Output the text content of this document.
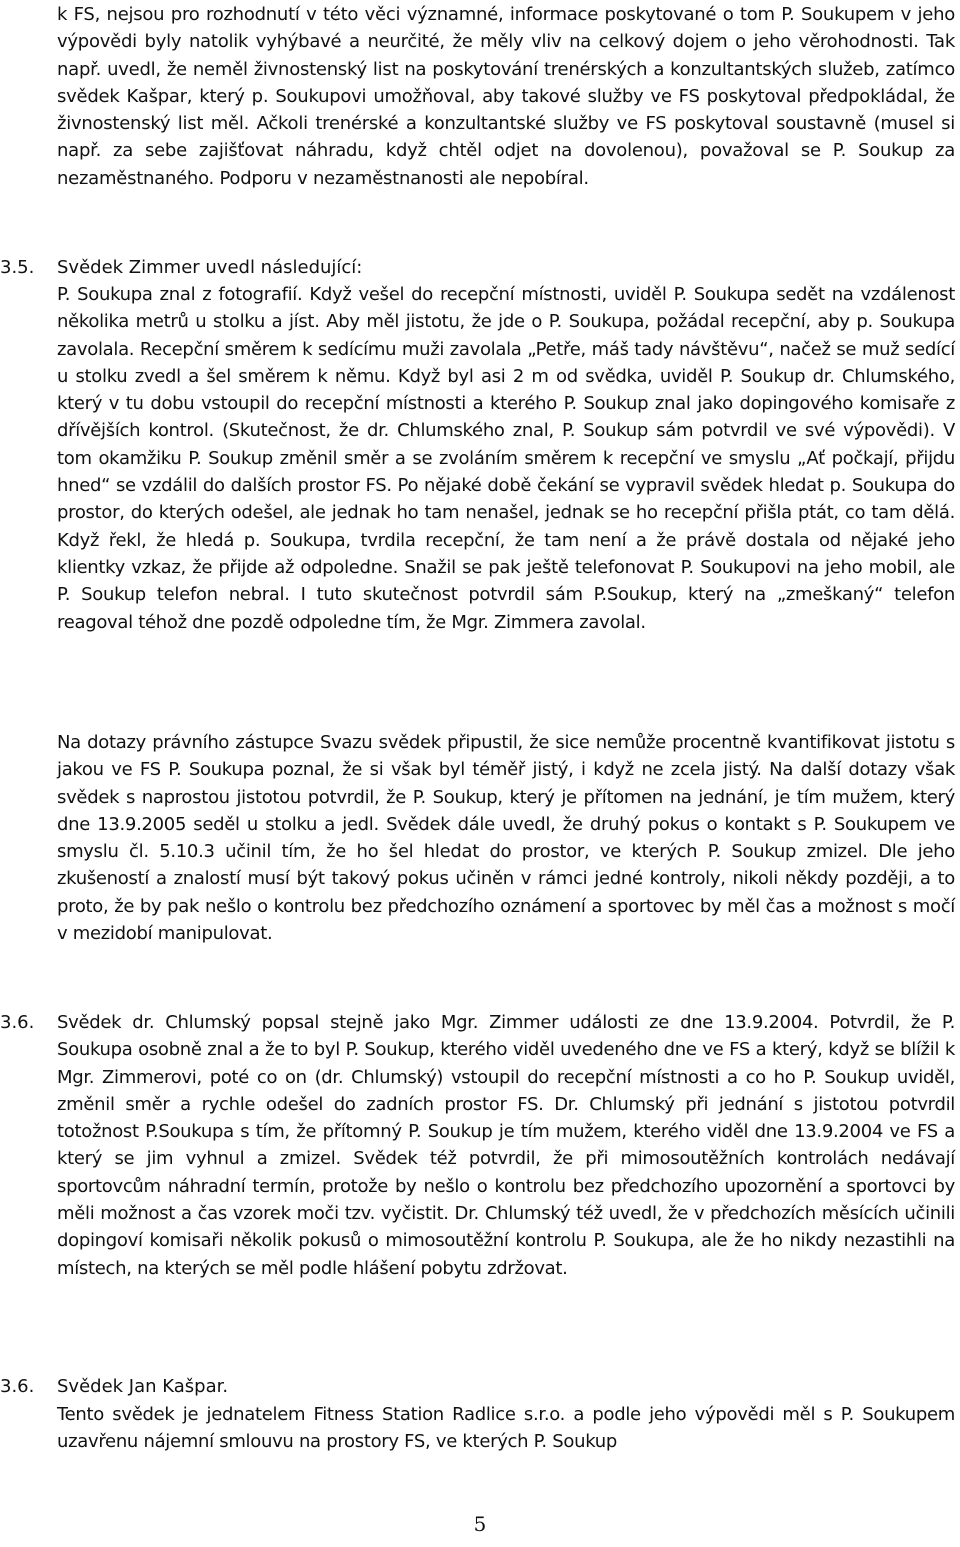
k FS, nejsou pro rozhodnutí v této věci významné, informace poskytované o tom P. Soukupem v jeho výpovědi byly natolik vyhýbavé a neurčité, že měly vliv na celkový dojem o jeho věrohodnosti. Tak např. uvedl, že neměl živnostenský list na poskytování trenérských a konzultantských služeb, zatímco svědek Kašpar, který p. Soukupovi umožňoval, aby takové služby ve FS poskytoval předpokládal, že živnostenský list měl. Ačkoli trenérské a konzultantské služby ve FS poskytoval soustavně (musel si např. za sebe zajišťovat náhradu, když chtěl odjet na dovolenou), považoval se P. Soukup za nezaměstnaného. Podporu v nezaměstnanosti ale nepobíral.

3.5. Svědek Zimmer uvedl následující:

P. Soukupa znal z fotografií. Když vešel do recepční místnosti, uviděl P. Soukupa sedět na vzdálenost několika metrů u stolku a jíst. Aby měl jistotu, že jde o P. Soukupa, požádal recepční, aby p. Soukupa zavolala. Recepční směrem k sedícímu muži zavolala „Petře, máš tady návštěvu“, načež se muž sedící u stolku zvedl a šel směrem k němu. Když byl asi 2 m od svědka, uviděl P. Soukup dr. Chlumského, který v tu dobu vstoupil do recepční místnosti a kterého P. Soukup znal jako dopingového komisaře z dřívějších kontrol. (Skutečnost, že dr. Chlumského znal, P. Soukup sám potvrdil ve své výpovědi). V tom okamžiku P. Soukup změnil směr a se zvoláním směrem k recepční ve smyslu „Ať počkají, přijdu hned“ se vzdálil do dalších prostor FS. Po nějaké době čekání se vypravil svědek hledat p. Soukupa do prostor, do kterých odešel, ale jednak ho tam nenašel, jednak se ho recepční přišla ptát, co tam dělá. Když řekl, že hledá p. Soukupa, tvrdila recepční, že tam není a že právě dostala od nějaké jeho klientky vzkaz, že přijde až odpoledne. Snažil se pak ještě telefonovat P. Soukupovi na jeho mobil, ale P. Soukup telefon nebral. I tuto skutečnost potvrdil sám P.Soukup, který na „zmeškaný“ telefon reagoval téhož dne pozdě odpoledne tím, že Mgr. Zimmera zavolal.

Na dotazy právního zástupce Svazu svědek připustil, že sice nemůže procentně kvantifikovat jistotu s jakou ve FS P. Soukupa poznal, že si však byl téměř jistý, i když ne zcela jistý. Na další dotazy však svědek s naprostou jistotou potvrdil, že P. Soukup, který je přítomen na jednání, je tím mužem, který dne 13.9.2005 seděl u stolku a jedl. Svědek dále uvedl, že druhý pokus o kontakt s P. Soukupem ve smyslu čl. 5.10.3 učinil tím, že ho šel hledat do prostor, ve kterých P. Soukup zmizel. Dle jeho zkušeností a znalostí musí být takový pokus učiněn v rámci jedné kontroly, nikoli někdy později, a to proto, že by pak nešlo o kontrolu bez předchozího oznámení a sportovec by měl čas a možnost s močí v mezidobí manipulovat.

3.6. Svědek dr. Chlumský popsal stejně jako Mgr. Zimmer události ze dne 13.9.2004. Potvrdil, že P. Soukupa osobně znal a že to byl P. Soukup, kterého viděl uvedeného dne ve FS a který, když se blížil k Mgr. Zimmerovi, poté co on (dr. Chlumský) vstoupil do recepční místnosti a co ho P. Soukup uviděl, změnil směr a rychle odešel do zadních prostor FS. Dr. Chlumský při jednání s jistotou potvrdil totožnost P.Soukupa s tím, že přítomný P. Soukup je tím mužem, kterého viděl dne 13.9.2004 ve FS a který se jim vyhnul a zmizel. Svědek též potvrdil, že při mimosoutěžních kontrolách nedávají sportovcům náhradní termín, protože by nešlo o kontrolu bez předchozího upozornění a sportovci by měli možnost a čas vzorek moči tzv. vyčistit. Dr. Chlumský též uvedl, že v předchozích měsících učinili dopingoví komisaři několik pokusů o mimosoutěžní kontrolu P. Soukupa, ale že ho nikdy nezastihli na místech, na kterých se měl podle hlášení pobytu zdržovat.

3.6. Svědek Jan Kašpar.

Tento svědek je jednatelem Fitness Station Radlice s.r.o. a podle jeho výpovědi měl s P. Soukupem uzavřenu nájemní smlouvu na prostory FS, ve kterých P. Soukup

5
